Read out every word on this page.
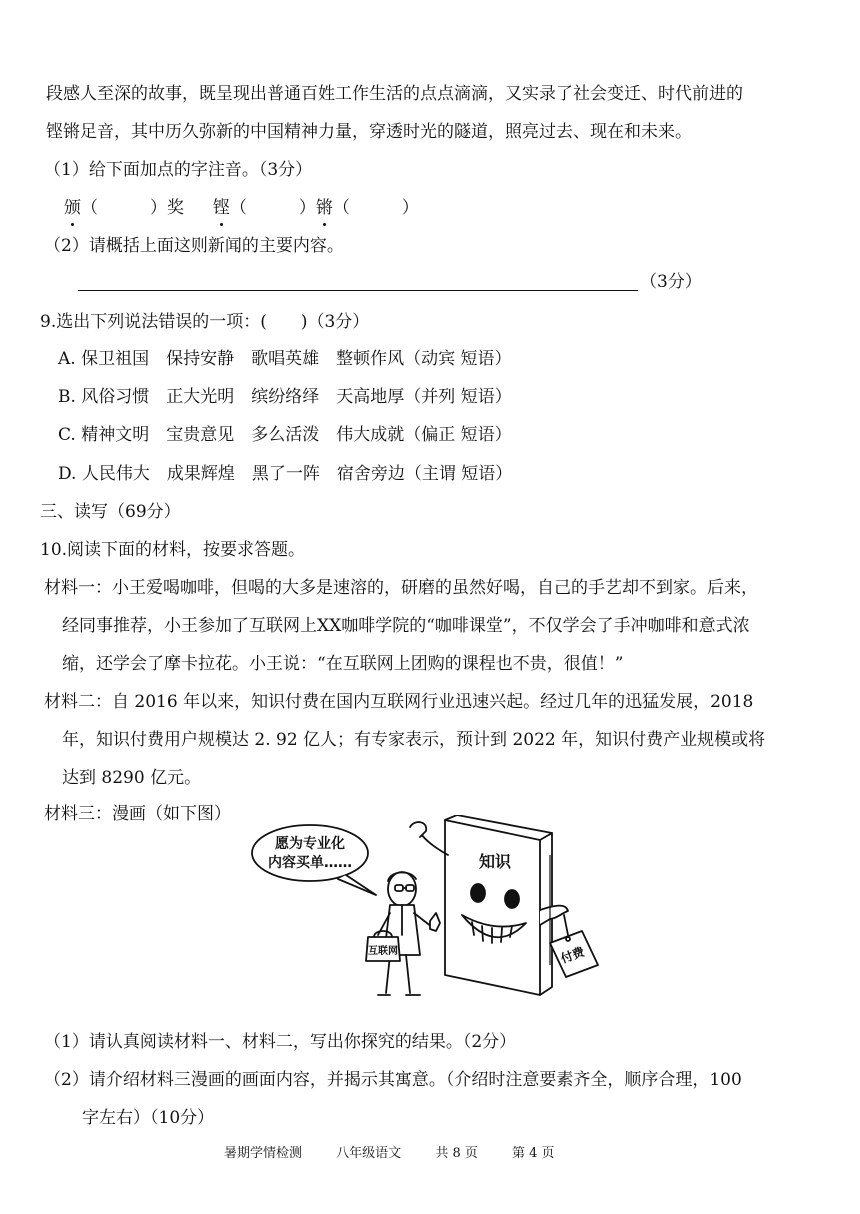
段感人至深的故事，既呈现出普通百姓工作生活的点点滴滴，又实录了社会变迁、时代前进的
铿锵足音，其中历久弥新的中国精神力量，穿透时光的隧道，照亮过去、现在和未来。
（1）给下面加点的字注音。（3分）
颁（	）奖 铿（	）锵（	）
（2）请概括上面这则新闻的主要内容。
（3分）
9.选出下列说法错误的一项：(　　)（3分）
A. 保卫祖国　保持安静　歌唱英雄　整顿作风（动宾 短语）
B. 风俗习惯　正大光明　缤纷络绎　天高地厚（并列 短语）
C. 精神文明　宝贵意见　多么活泼　伟大成就（偏正 短语）
D. 人民伟大　成果辉煌　黑了一阵　宿舍旁边（主谓 短语）
三、读写（69分）
10.阅读下面的材料，按要求答题。
材料一：小王爱喝咖啡，但喝的大多是速溶的，研磨的虽然好喝，自己的手艺却不到家。后来，
经同事推荐，小王参加了互联网上XX咖啡学院的“咖啡课堂”，不仅学会了手冲咖啡和意式浓
缩，还学会了摩卡拉花。小王说：“在互联网上团购的课程也不贵，很值！”
材料二：自 2016 年以来，知识付费在国内互联网行业迅速兴起。经过几年的迅猛发展，2018
年，知识付费用户规模达 2. 92 亿人；有专家表示，预计到 2022 年，知识付费产业规模或将
达到 8290 亿元。
材料三：漫画（如下图）
愿为专业化
内容买单……	知识
付费
互联网
（1）请认真阅读材料一、材料二，写出你探究的结果。（2分）
（2）请介绍材料三漫画的画面内容，并揭示其寓意。（介绍时注意要素齐全，顺序合理，100
字左右）（10分）
暑期学情检测	八年级语文	共 8 页	第 4 页
